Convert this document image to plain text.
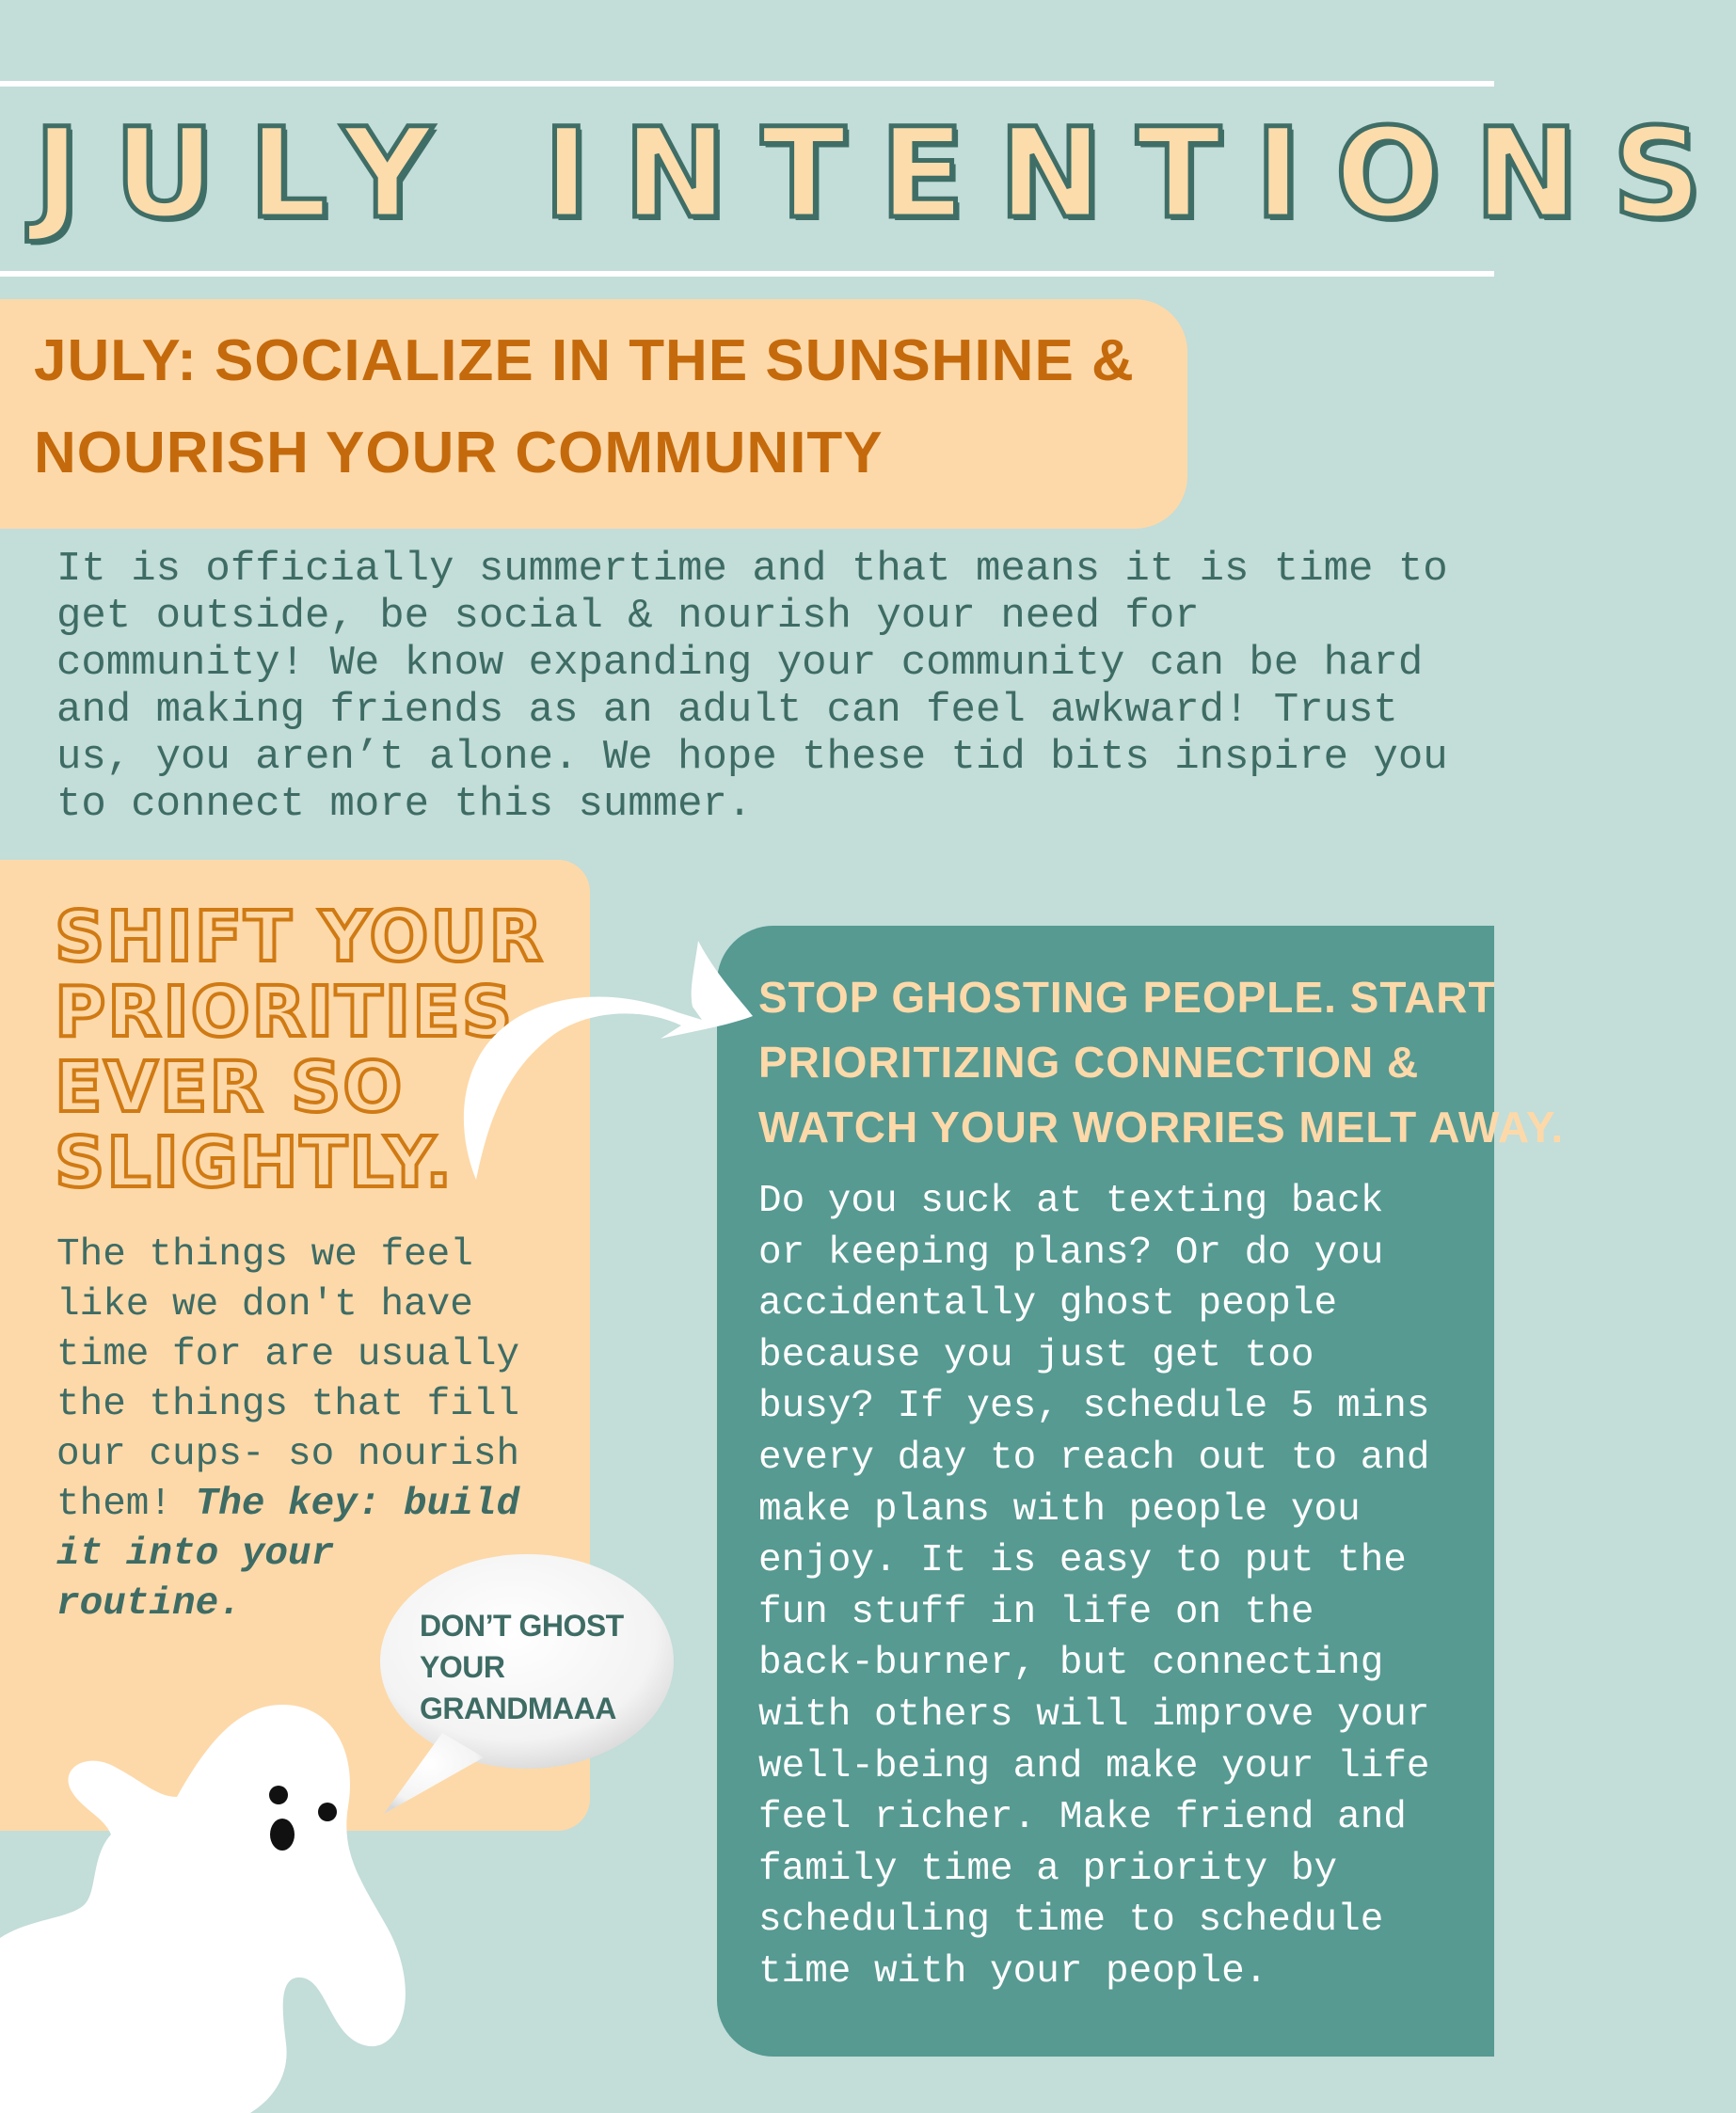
JULY INTENTIONS
JULY: SOCIALIZE IN THE SUNSHINE &
NOURISH YOUR COMMUNITY
It is officially summertime and that means it is time to
get outside, be social & nourish your need for
community! We know expanding your community can be hard
and making friends as an adult can feel awkward! Trust
us, you aren’t alone. We hope these tid bits inspire you
to connect more this summer.
SHIFT YOUR
PRIORITIES
EVER SO
SLIGHTLY.
The things we feel
like we don't have
time for are usually
the things that fill
our cups- so nourish
them! The key: build
it into your
routine.
STOP GHOSTING PEOPLE. START
PRIORITIZING CONNECTION &
WATCH YOUR WORRIES MELT AWAY.
Do you suck at texting back
or keeping plans? Or do you
accidentally ghost people
because you just get too
busy? If yes, schedule 5 mins
every day to reach out to and
make plans with people you
enjoy. It is easy to put the
fun stuff in life on the
back-burner, but connecting
with others will improve your
well-being and make your life
feel richer. Make friend and
family time a priority by
scheduling time to schedule
time with your people.
DON’T GHOST
YOUR
GRANDMAAA
